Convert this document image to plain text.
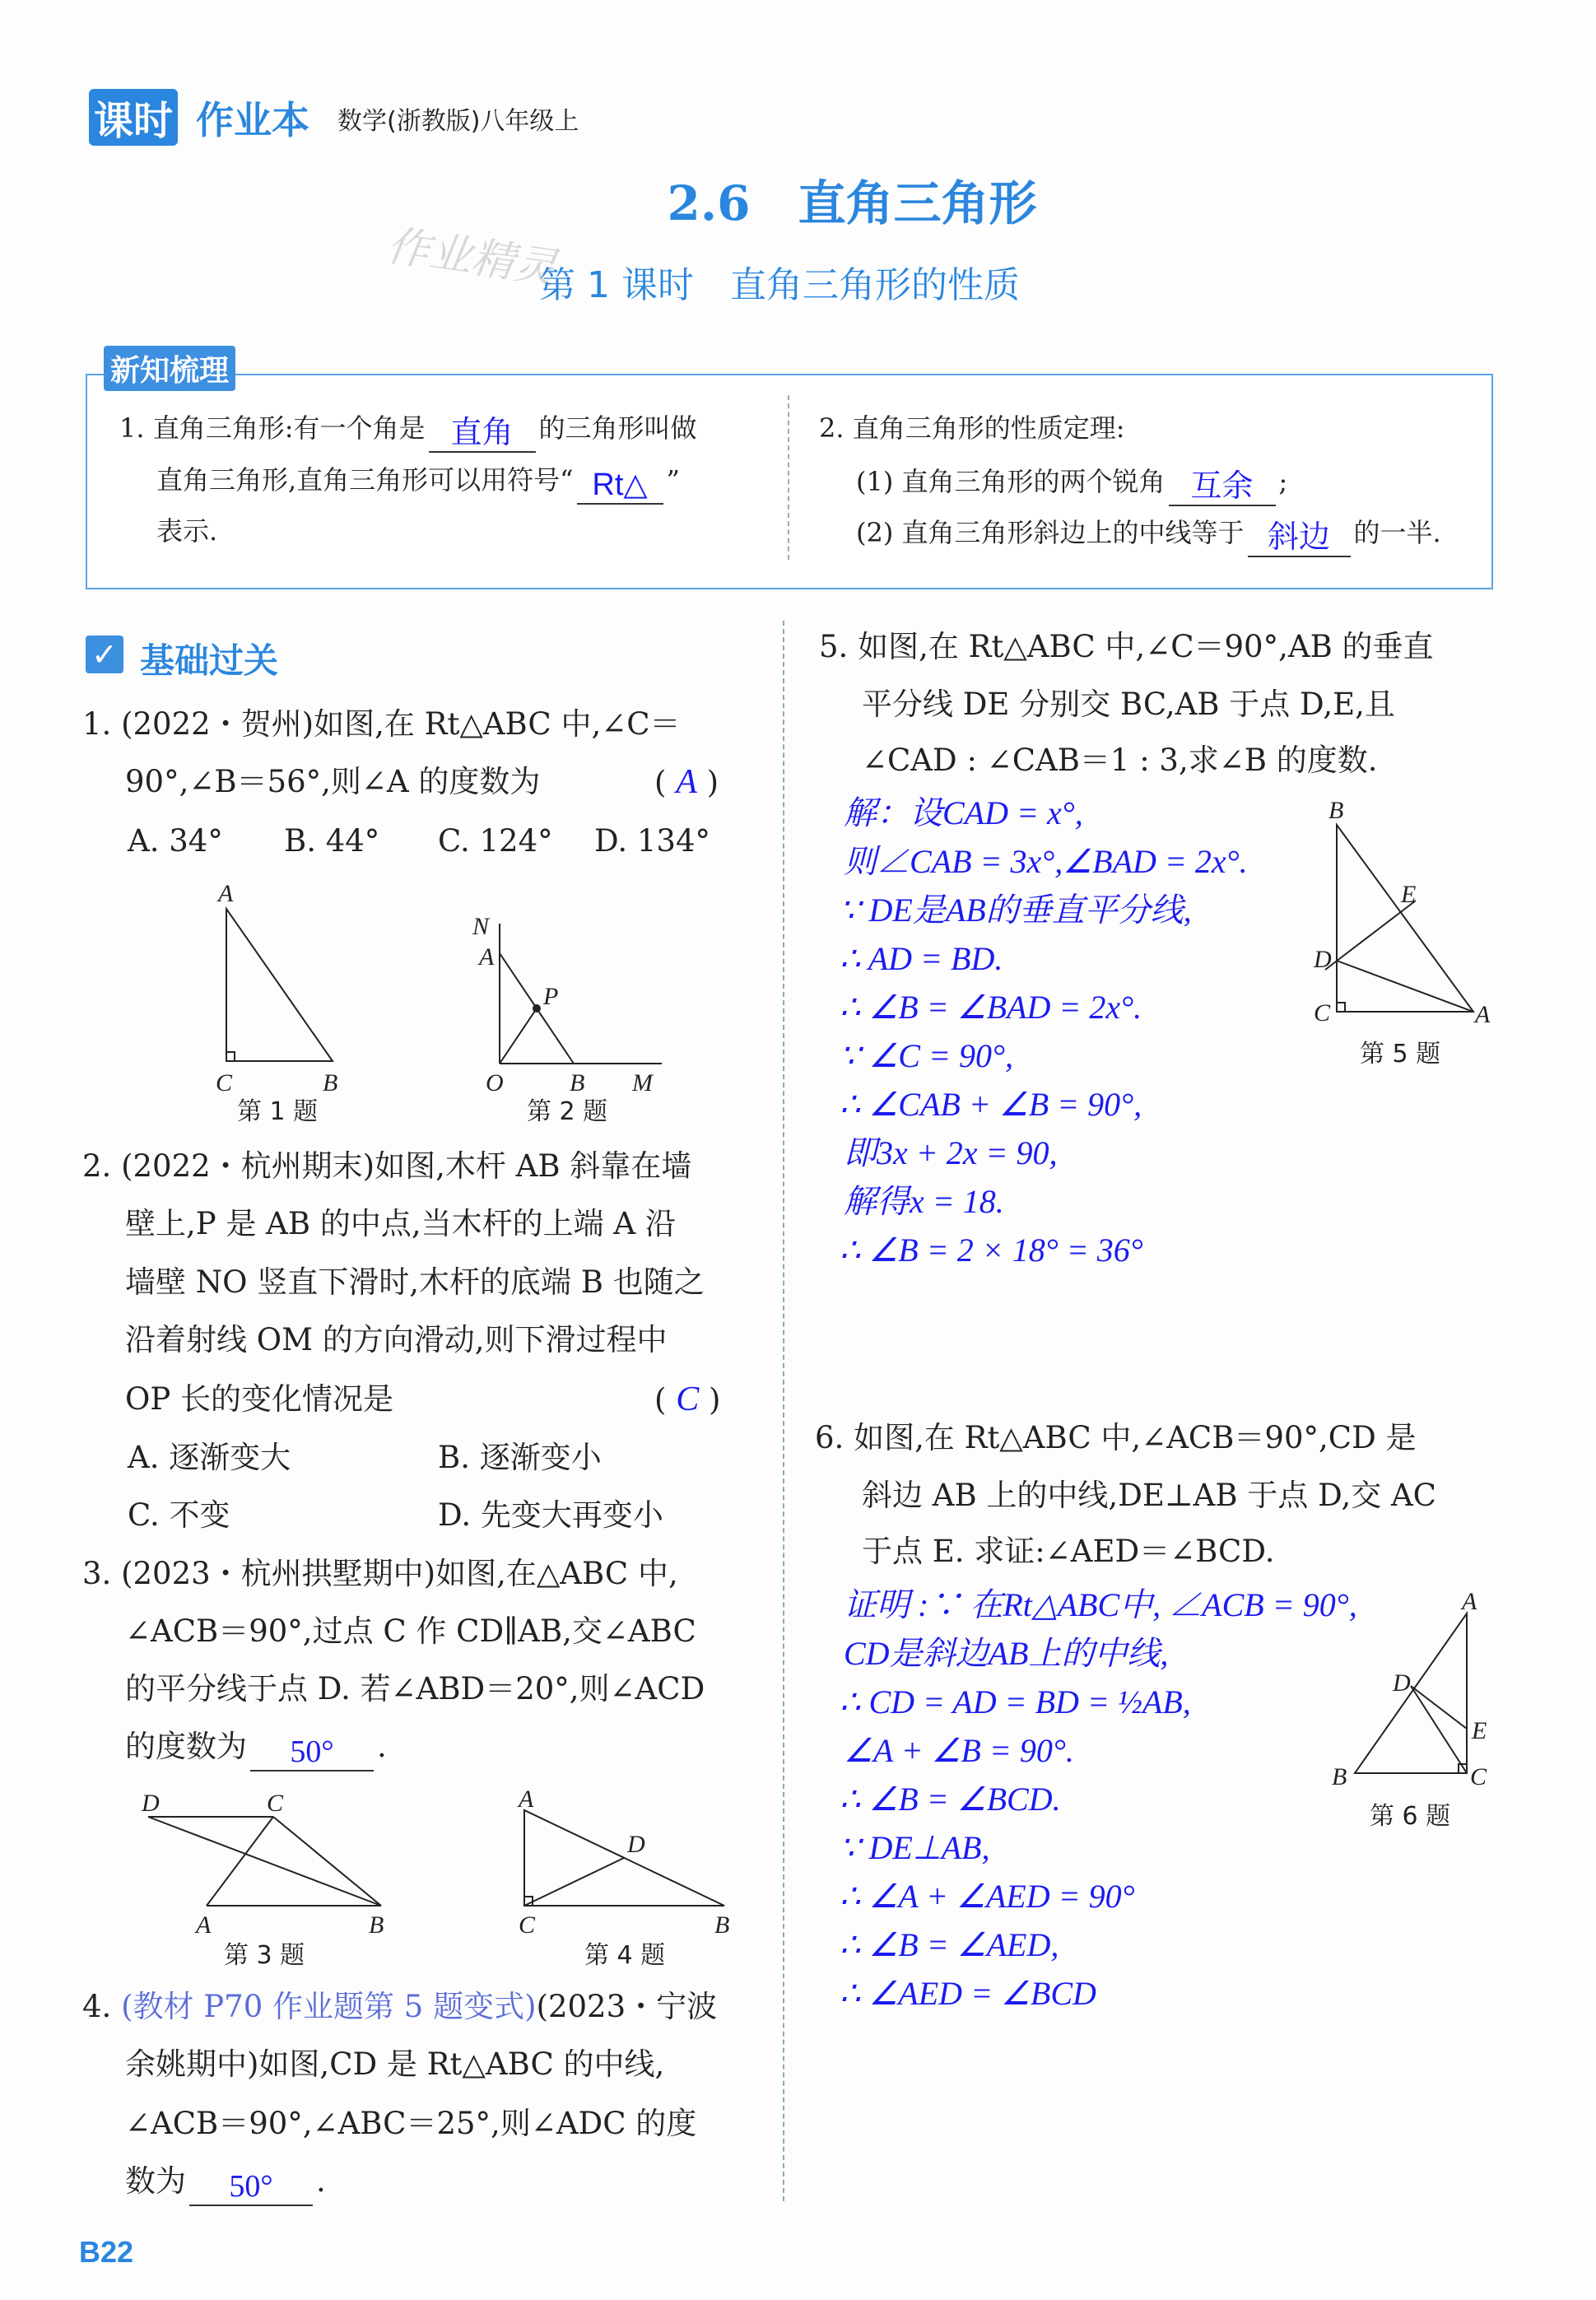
课时 作业本 数学(浙教版)八年级上
2.6　直角三角形
作业精灵
第 1 课时　直角三角形的性质
新知梳理
1. 直角三角形:有一个角是 直角 的三角形叫做
直角三角形,直角三角形可以用符号“ Rt△ ”
表示.
2. 直角三角形的性质定理:
(1) 直角三角形的两个锐角 互余 ;
(2) 直角三角形斜边上的中线等于 斜边 的一半.
✓ 基础过关
1. (2022・贺州)如图,在 Rt△ABC 中,∠C＝
90°,∠B＝56°,则∠A 的度数为	( A )
A. 34° B. 44° C. 124° D. 134°
A
C	B
第 1 题
N
A
P
O	B M
第 2 题
D	C
A	B
第 3 题
A
D
C	B
第 4 题
B
E
D
C	A
第 5 题
A
D
E
B	C
第 6 题
2. (2022・杭州期末)如图,木杆 AB 斜靠在墙
壁上,P 是 AB 的中点,当木杆的上端 A 沿
墙壁 NO 竖直下滑时,木杆的底端 B 也随之
沿着射线 OM 的方向滑动,则下滑过程中
OP 长的变化情况是	( C )
A. 逐渐变大	B. 逐渐变小
C. 不变	D. 先变大再变小
3. (2023・杭州拱墅期中)如图,在△ABC 中,
∠ACB＝90°,过点 C 作 CD∥AB,交∠ABC
的平分线于点 D. 若∠ABD＝20°,则∠ACD
的度数为 50° .
4. (教材 P70 作业题第 5 题变式)(2023・宁波
余姚期中)如图,CD 是 Rt△ABC 的中线,
∠ACB＝90°,∠ABC＝25°,则∠ADC 的度
数为 50° .
5. 如图,在 Rt△ABC 中,∠C＝90°,AB 的垂直
平分线 DE 分别交 BC,AB 于点 D,E,且
∠CAD : ∠CAB＝1 : 3,求∠B 的度数.
解：设CAD = x°,
则∠CAB = 3x°,∠BAD = 2x°.
∵ DE是AB的垂直平分线,
∴ AD = BD.
∴ ∠B = ∠BAD = 2x°.
∵ ∠C = 90°,
∴ ∠CAB + ∠B = 90°,
即3x + 2x = 90,
解得x = 18.
∴ ∠B = 2 × 18° = 36°
6. 如图,在 Rt△ABC 中,∠ACB＝90°,CD 是
斜边 AB 上的中线,DE⊥AB 于点 D,交 AC
于点 E. 求证:∠AED＝∠BCD.
证明 :∵ 在Rt△ABC中, ∠ACB = 90°,
CD是斜边AB上的中线,
∴ CD = AD = BD = ½AB,
∠A + ∠B = 90°.
∴ ∠B = ∠BCD.
∵ DE⊥AB,
∴ ∠A + ∠AED = 90°
∴ ∠B = ∠AED,
∴ ∠AED = ∠BCD
B22
